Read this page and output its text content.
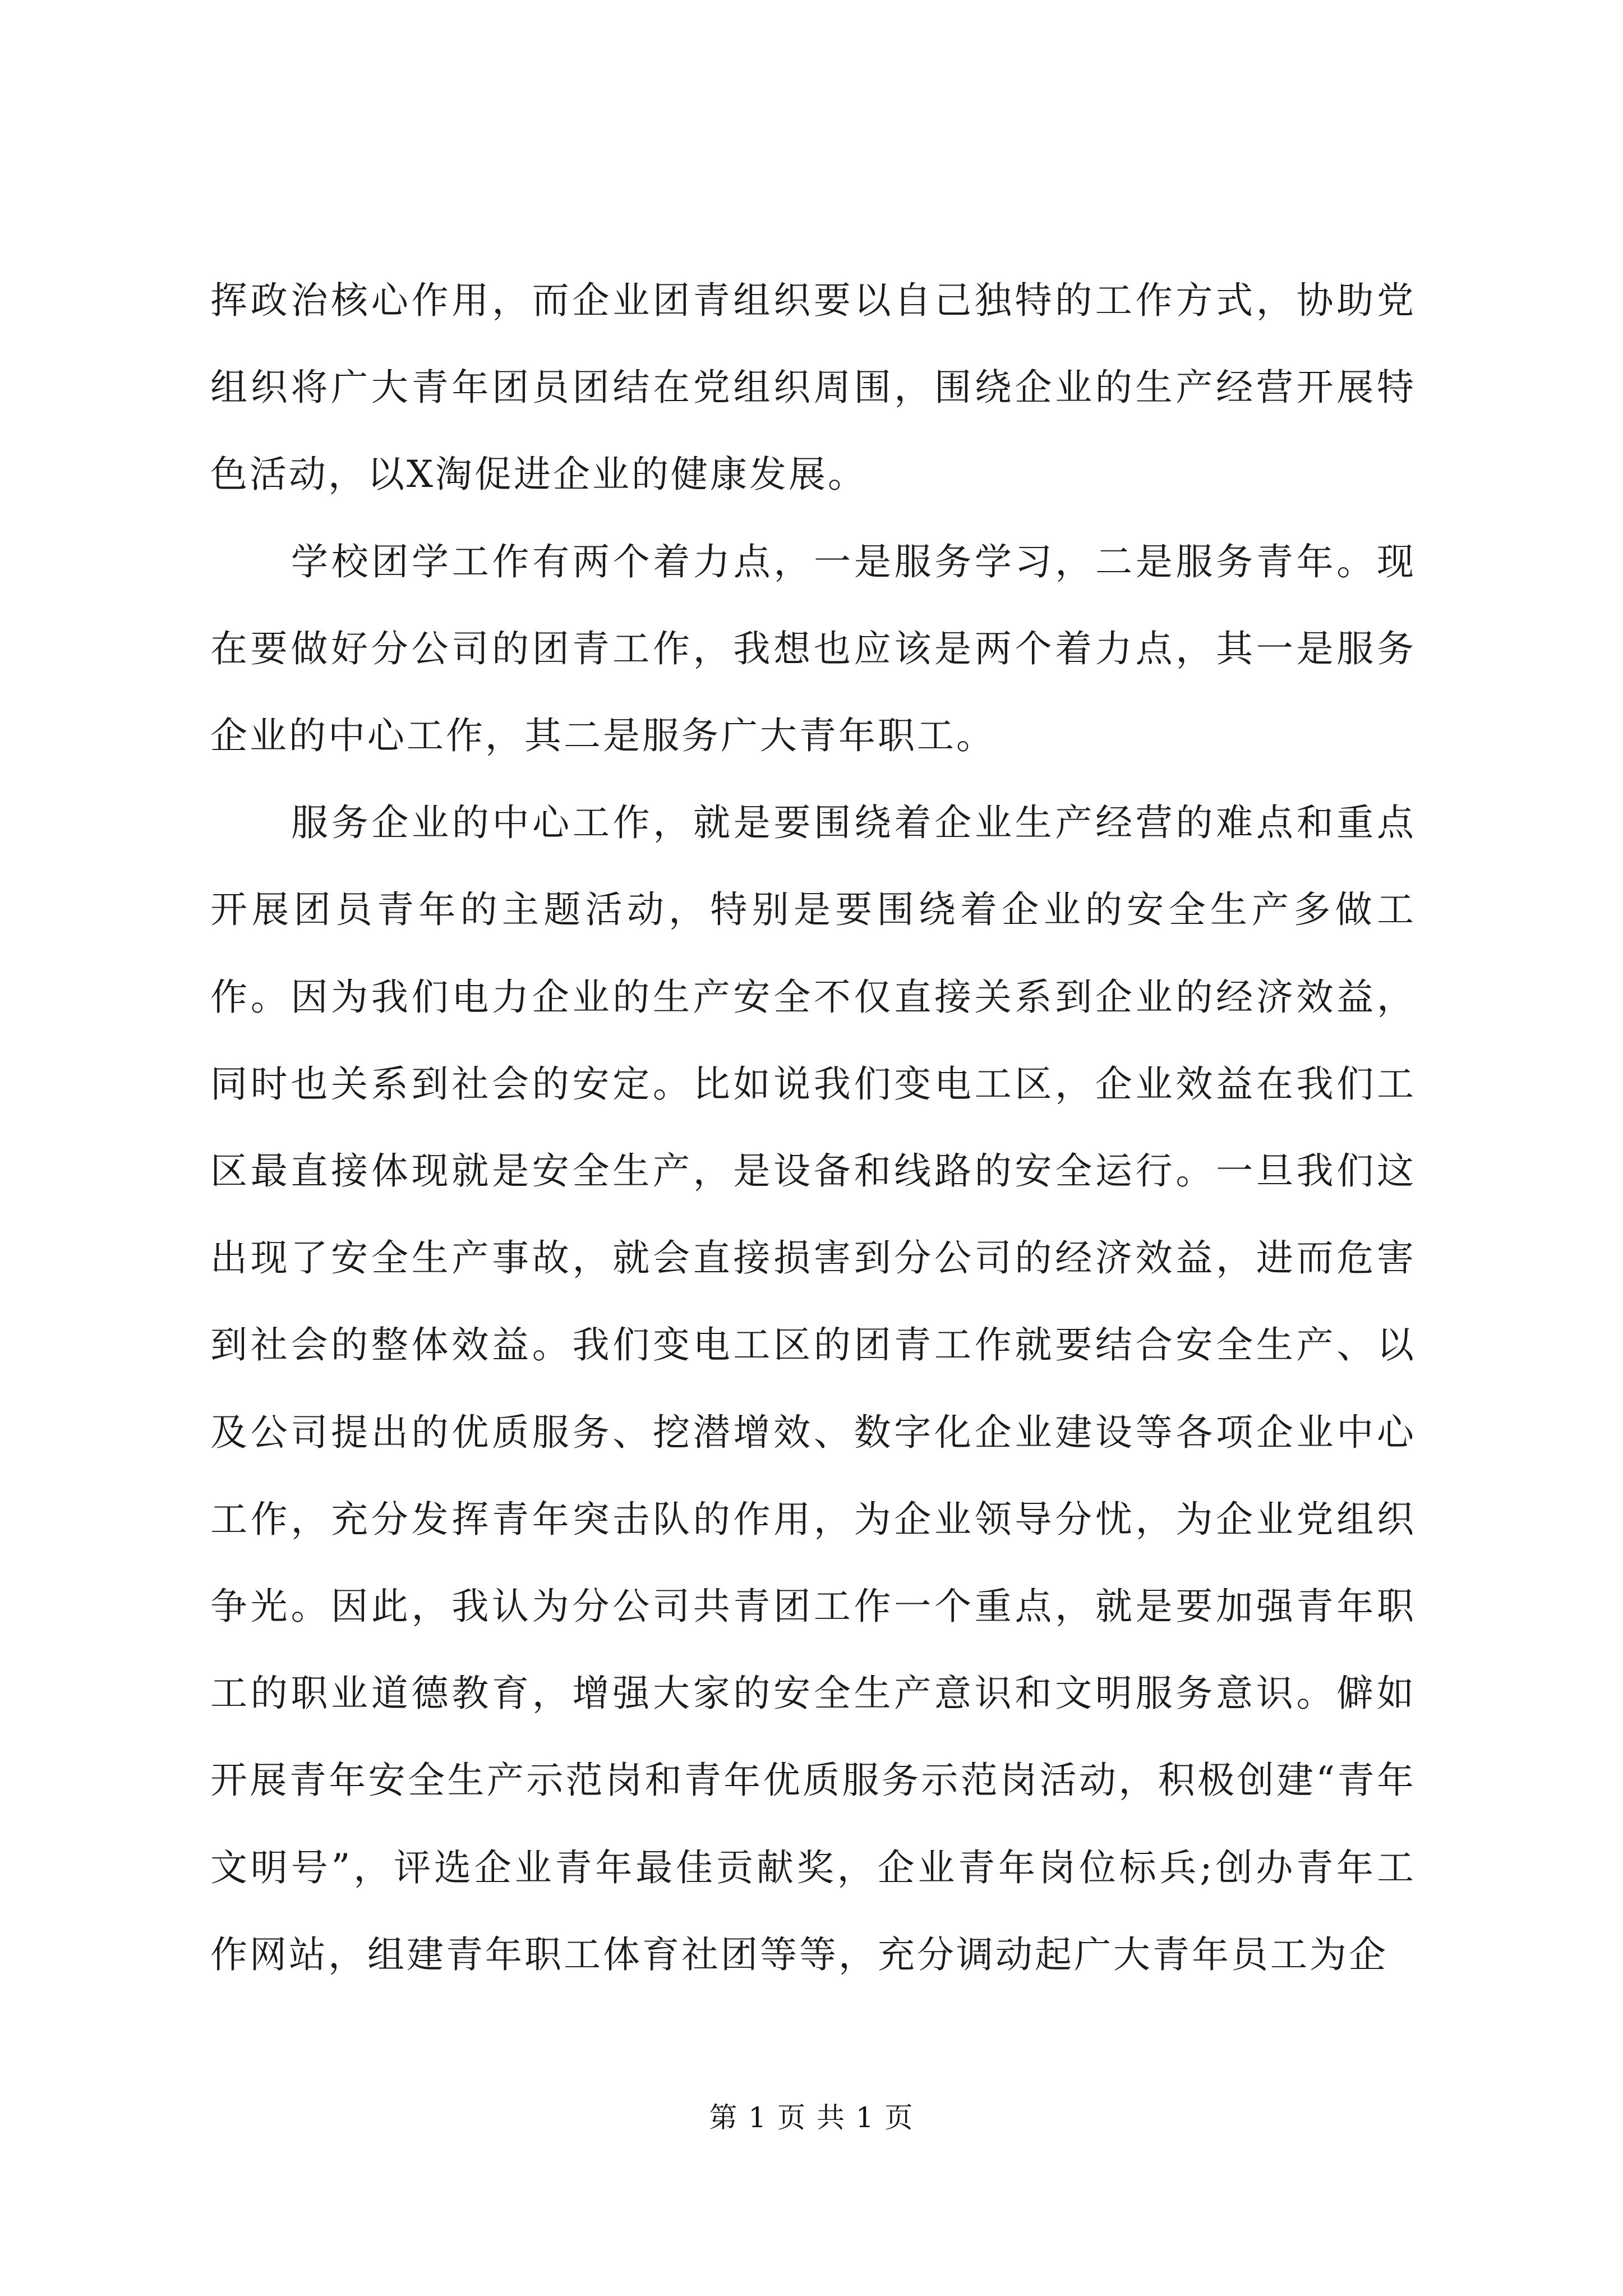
挥政治核心作用，而企业团青组织要以自己独特的工作方式，协助党组织将广大青年团员团结在党组织周围，围绕企业的生产经营开展特色活动，以X淘促进企业的健康发展。

学校团学工作有两个着力点，一是服务学习，二是服务青年。现在要做好分公司的团青工作，我想也应该是两个着力点，其一是服务企业的中心工作，其二是服务广大青年职工。

服务企业的中心工作，就是要围绕着企业生产经营的难点和重点开展团员青年的主题活动，特别是要围绕着企业的安全生产多做工作。因为我们电力企业的生产安全不仅直接关系到企业的经济效益，同时也关系到社会的安定。比如说我们变电工区，企业效益在我们工区最直接体现就是安全生产，是设备和线路的安全运行。一旦我们这出现了安全生产事故，就会直接损害到分公司的经济效益，进而危害到社会的整体效益。我们变电工区的团青工作就要结合安全生产、以及公司提出的优质服务、挖潜增效、数字化企业建设等各项企业中心工作，充分发挥青年突击队的作用，为企业领导分忧，为企业党组织争光。因此，我认为分公司共青团工作一个重点，就是要加强青年职工的职业道德教育，增强大家的安全生产意识和文明服务意识。僻如开展青年安全生产示范岗和青年优质服务示范岗活动，积极创建“青年文明号”，评选企业青年最佳贡献奖，企业青年岗位标兵;创办青年工作网站，组建青年职工体育社团等等，充分调动起广大青年员工为企

第 1 页 共 1 页
